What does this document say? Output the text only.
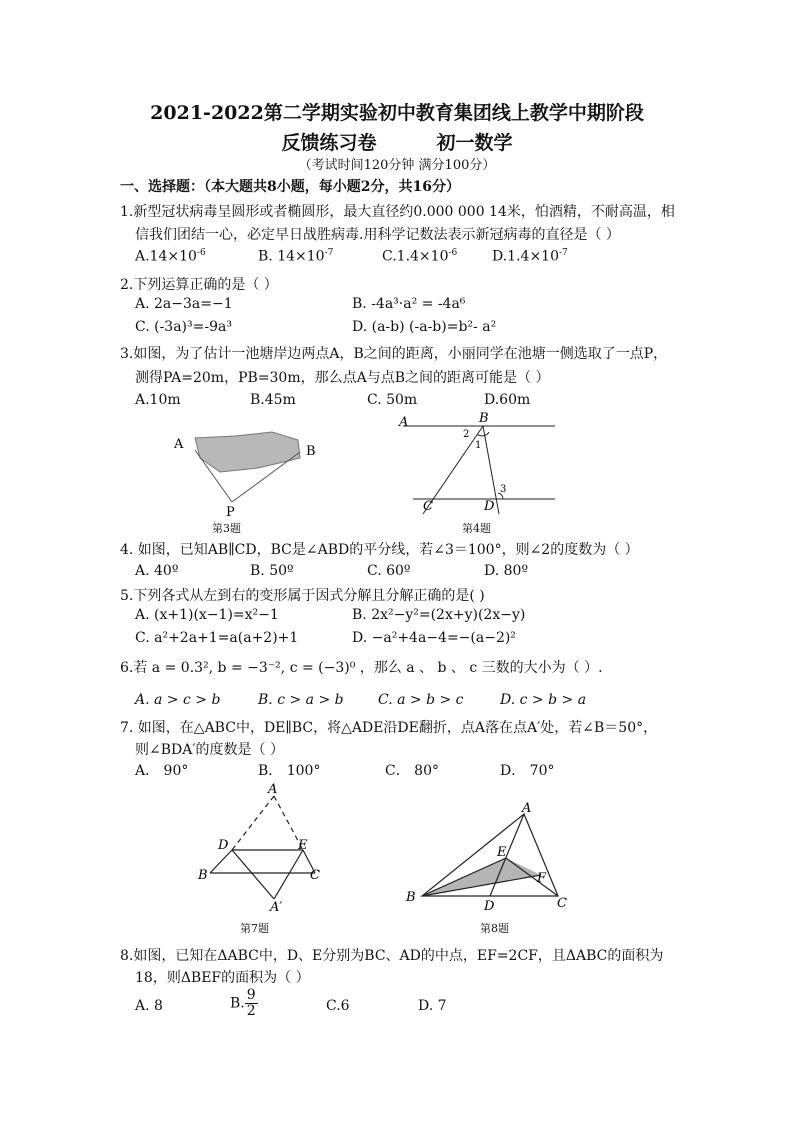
2021-2022第二学期实验初中教育集团线上教学中期阶段
反馈练习卷	初一数学
（考试时间120分钟 满分100分）
一、选择题：（本大题共8小题，每小题2分，共16分）
1.新型冠状病毒呈圆形或者椭圆形，最大直径约0.000 000 14米，怕酒精，不耐高温，相
信我们团结一心，必定早日战胜病毒.用科学记数法表示新冠病毒的直径是（ ）
$A.14\times 10^{-6}$	B. $14\times 10^{-7}$	$C.1.4\times 10^{-6}$ $D.1.4\times 10^{-7}$
2.下列运算正确的是（ ）
A. 2a−3a=−1	B. -4a³·a² = -4a⁶
C. (-3a)³=-9a³	D. (a-b) (-a-b)=b²- a²
3.如图，为了估计一池塘岸边两点A，B之间的距离，小丽同学在池塘一侧选取了一点P，
测得PA=20m，PB=30m，那么点A与点B之间的距离可能是（ ）
A.10m	B.45m	C. 50m	D.60m
A	B
P
第3题
A	B
C	D
1
2
3
第4题
4. 如图，已知AB∥CD，BC是∠ABD的平分线，若∠3＝100°，则∠2的度数为（ ）
A. 40º	B. 50º	C. 60º	D. 80º
5.下列各式从左到右的变形属于因式分解且分解正确的是( )
A. (x+1)(x−1)=x²−1	B. 2x²−y²=(2x+y)(2x−y)
C. a²+2a+1=a(a+2)+1	D. −a²+4a−4=−(a−2)²
6.若 a = 0.3², b = −3⁻², c = (−3)⁰ ，那么 a 、 b 、 c 三数的大小为（ ）.
A. a > c > b	B. c > a > b C. a > b > c	D. c > b > a
7. 如图，在△ABC中，DE∥BC，将△ADE沿DE翻折，点A落在点A′处，若∠B＝50°，
则∠BDA′的度数是（ ）
A． 90°	B． 100°	C． 80°	D． 70°
A
D	E
B	C
A′
第7题
A
E
F
B
D	C
第8题
8.如图，已知在ΔABC中，D、E分别为BC、AD的中点，EF=2CF，且ΔABC的面积为
18，则ΔBEF的面积为（ ）
A. 8	B. $\frac{9}{2}$	C.6	D. 7
